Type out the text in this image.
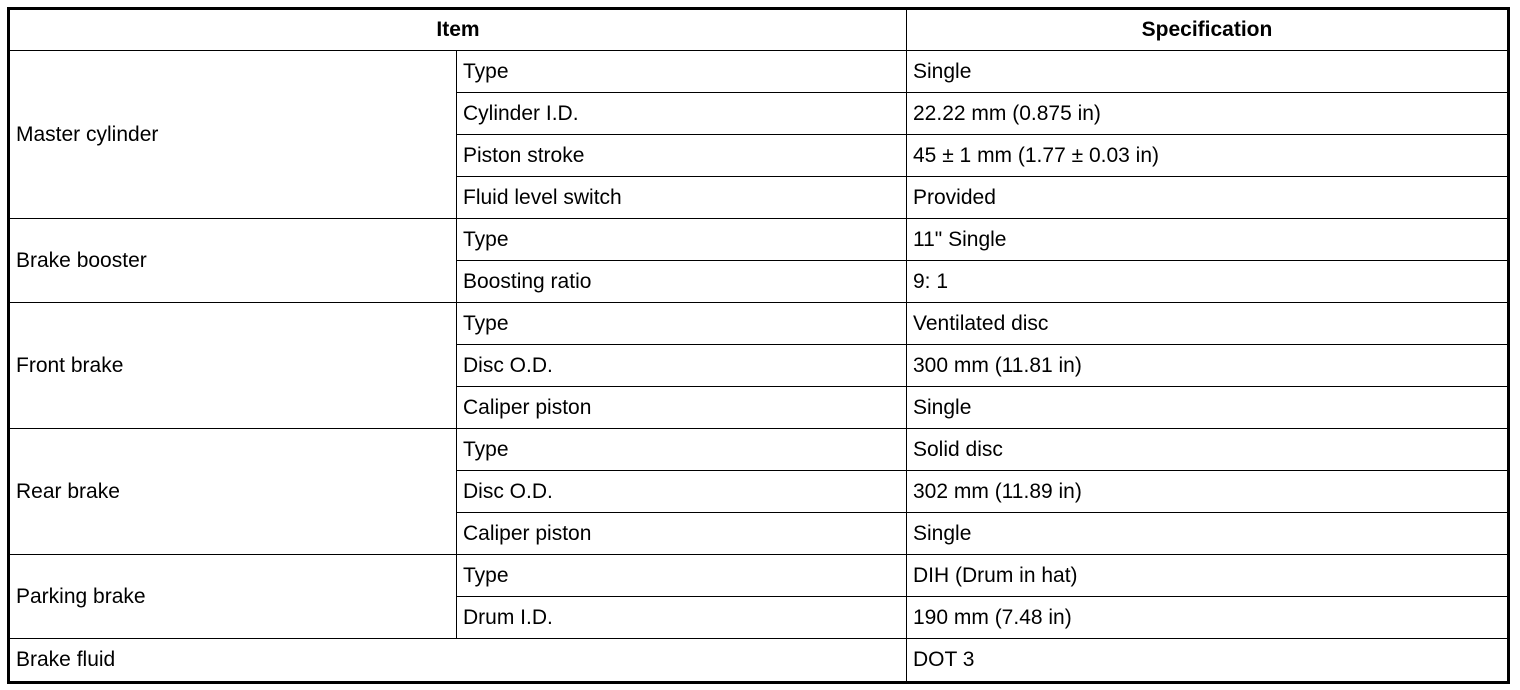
Item		Specification
Master cylinder	Type	Single
	Cylinder I.D.	22.22 mm (0.875 in)
	Piston stroke	45 ± 1 mm (1.77 ± 0.03 in)
	Fluid level switch	Provided
Brake booster	Type	11" Single
	Boosting ratio	9: 1
Front brake	Type	Ventilated disc
	Disc O.D.	300 mm (11.81 in)
	Caliper piston	Single
Rear brake	Type	Solid disc
	Disc O.D.	302 mm (11.89 in)
	Caliper piston	Single
Parking brake	Type	DIH (Drum in hat)
	Drum I.D.	190 mm (7.48 in)
Brake fluid		DOT 3
